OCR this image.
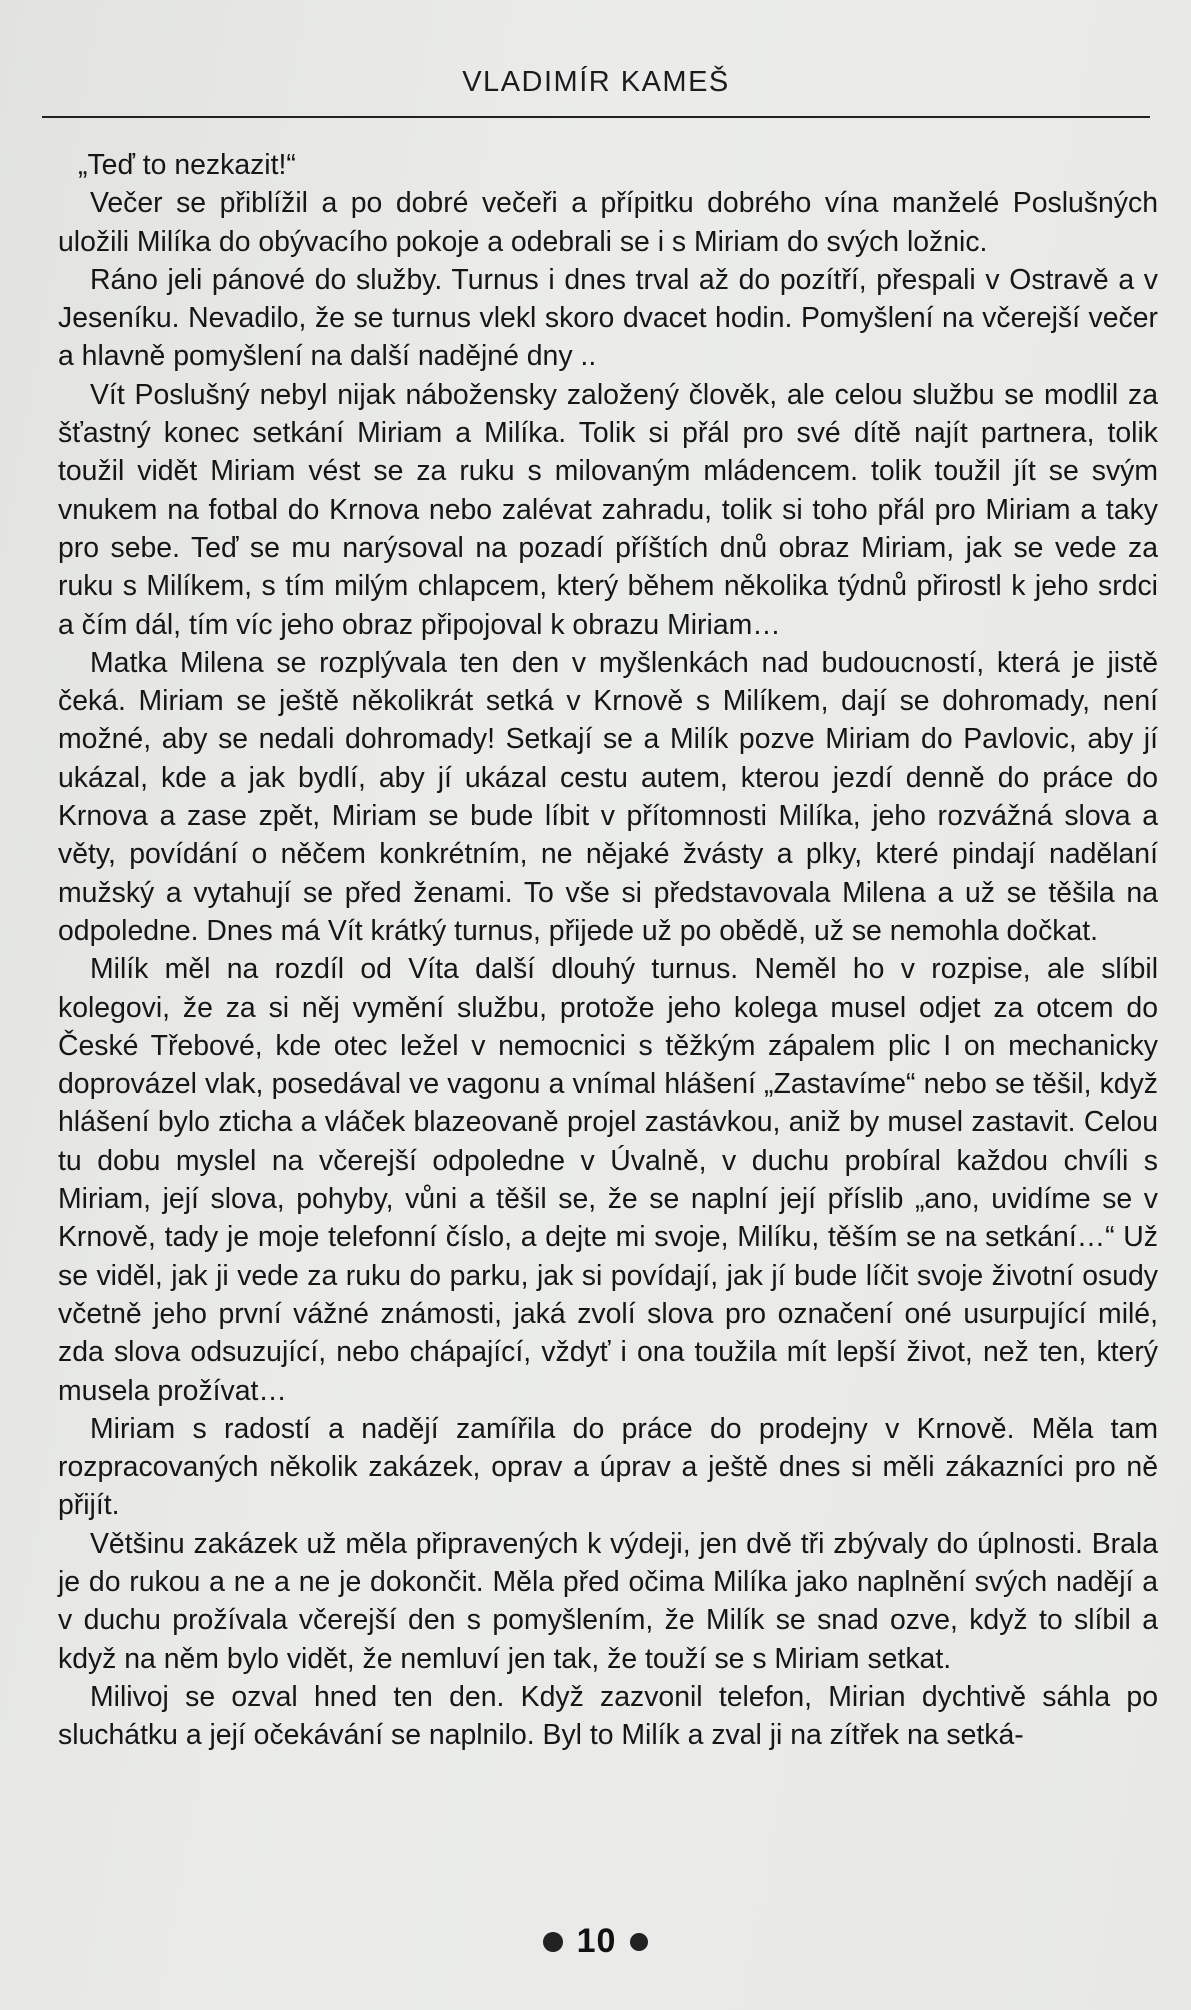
VLADIMÍR KAMEŠ

„Teď to nezkazit!“

Večer se přiblížil a po dobré večeři a přípitku dobrého vína manželé Poslušných uložili Milíka do obývacího pokoje a odebrali se i s Miriam do svých ložnic.

Ráno jeli pánové do služby. Turnus i dnes trval až do pozítří, přespali v Ostravě a v Jeseníku. Nevadilo, že se turnus vlekl skoro dvacet hodin. Pomyšlení na včerejší večer a hlavně pomyšlení na další nadějné dny ..

Vít Poslušný nebyl nijak nábožensky založený člověk, ale celou službu se modlil za šťastný konec setkání Miriam a Milíka. Tolik si přál pro své dítě najít partnera, tolik toužil vidět Miriam vést se za ruku s milovaným mládencem. tolik toužil jít se svým vnukem na fotbal do Krnova nebo zalévat zahradu, tolik si toho přál pro Miriam a taky pro sebe. Teď se mu narýsoval na pozadí příštích dnů obraz Miriam, jak se vede za ruku s Milíkem, s tím milým chlapcem, který během několika týdnů přirostl k jeho srdci a čím dál, tím víc jeho obraz připojoval k obrazu Miriam…

Matka Milena se rozplývala ten den v myšlenkách nad budoucností, která je jistě čeká. Miriam se ještě několikrát setká v Krnově s Milíkem, dají se dohromady, není možné, aby se nedali dohromady! Setkají se a Milík pozve Miriam do Pavlovic, aby jí ukázal, kde a jak bydlí, aby jí ukázal cestu autem, kterou jezdí denně do práce do Krnova a zase zpět, Miriam se bude líbit v přítomnosti Milíka, jeho rozvážná slova a věty, povídání o něčem konkrétním, ne nějaké žvásty a plky, které pindají nadělaní mužský a vytahují se před ženami. To vše si představovala Milena a už se těšila na odpoledne. Dnes má Vít krátký turnus, přijede už po obědě, už se nemohla dočkat.

Milík měl na rozdíl od Víta další dlouhý turnus. Neměl ho v rozpise, ale slíbil kolegovi, že za si něj vymění službu, protože jeho kolega musel odjet za otcem do České Třebové, kde otec ležel v nemocnici s těžkým zápalem plic I on mechanicky doprovázel vlak, posedával ve vagonu a vnímal hlášení „Zastavíme“ nebo se těšil, když hlášení bylo zticha a vláček blazeovaně projel zastávkou, aniž by musel zastavit. Celou tu dobu myslel na včerejší odpoledne v Úvalně, v duchu probíral každou chvíli s Miriam, její slova, pohyby, vůni a těšil se, že se naplní její příslib „ano, uvidíme se v Krnově, tady je moje telefonní číslo, a dejte mi svoje, Milíku, těším se na setkání…“ Už se viděl, jak ji vede za ruku do parku, jak si povídají, jak jí bude líčit svoje životní osudy včetně jeho první vážné známosti, jaká zvolí slova pro označení oné usurpující milé, zda slova odsuzující, nebo chápající, vždyť i ona toužila mít lepší život, než ten, který musela prožívat…

Miriam s radostí a nadějí zamířila do práce do prodejny v Krnově. Měla tam rozpracovaných několik zakázek, oprav a úprav a ještě dnes si měli zákazníci pro ně přijít.

Většinu zakázek už měla připravených k výdeji, jen dvě tři zbývaly do úplnosti. Brala je do rukou a ne a ne je dokončit. Měla před očima Milíka jako naplnění svých nadějí a v duchu prožívala včerejší den s pomyšlením, že Milík se snad ozve, když to slíbil a když na něm bylo vidět, že nemluví jen tak, že touží se s Miriam setkat.

Milivoj se ozval hned ten den. Když zazvonil telefon, Mirian dychtivě sáhla po sluchátku a její očekávání se naplnilo. Byl to Milík a zval ji na zítřek na setká-

10
